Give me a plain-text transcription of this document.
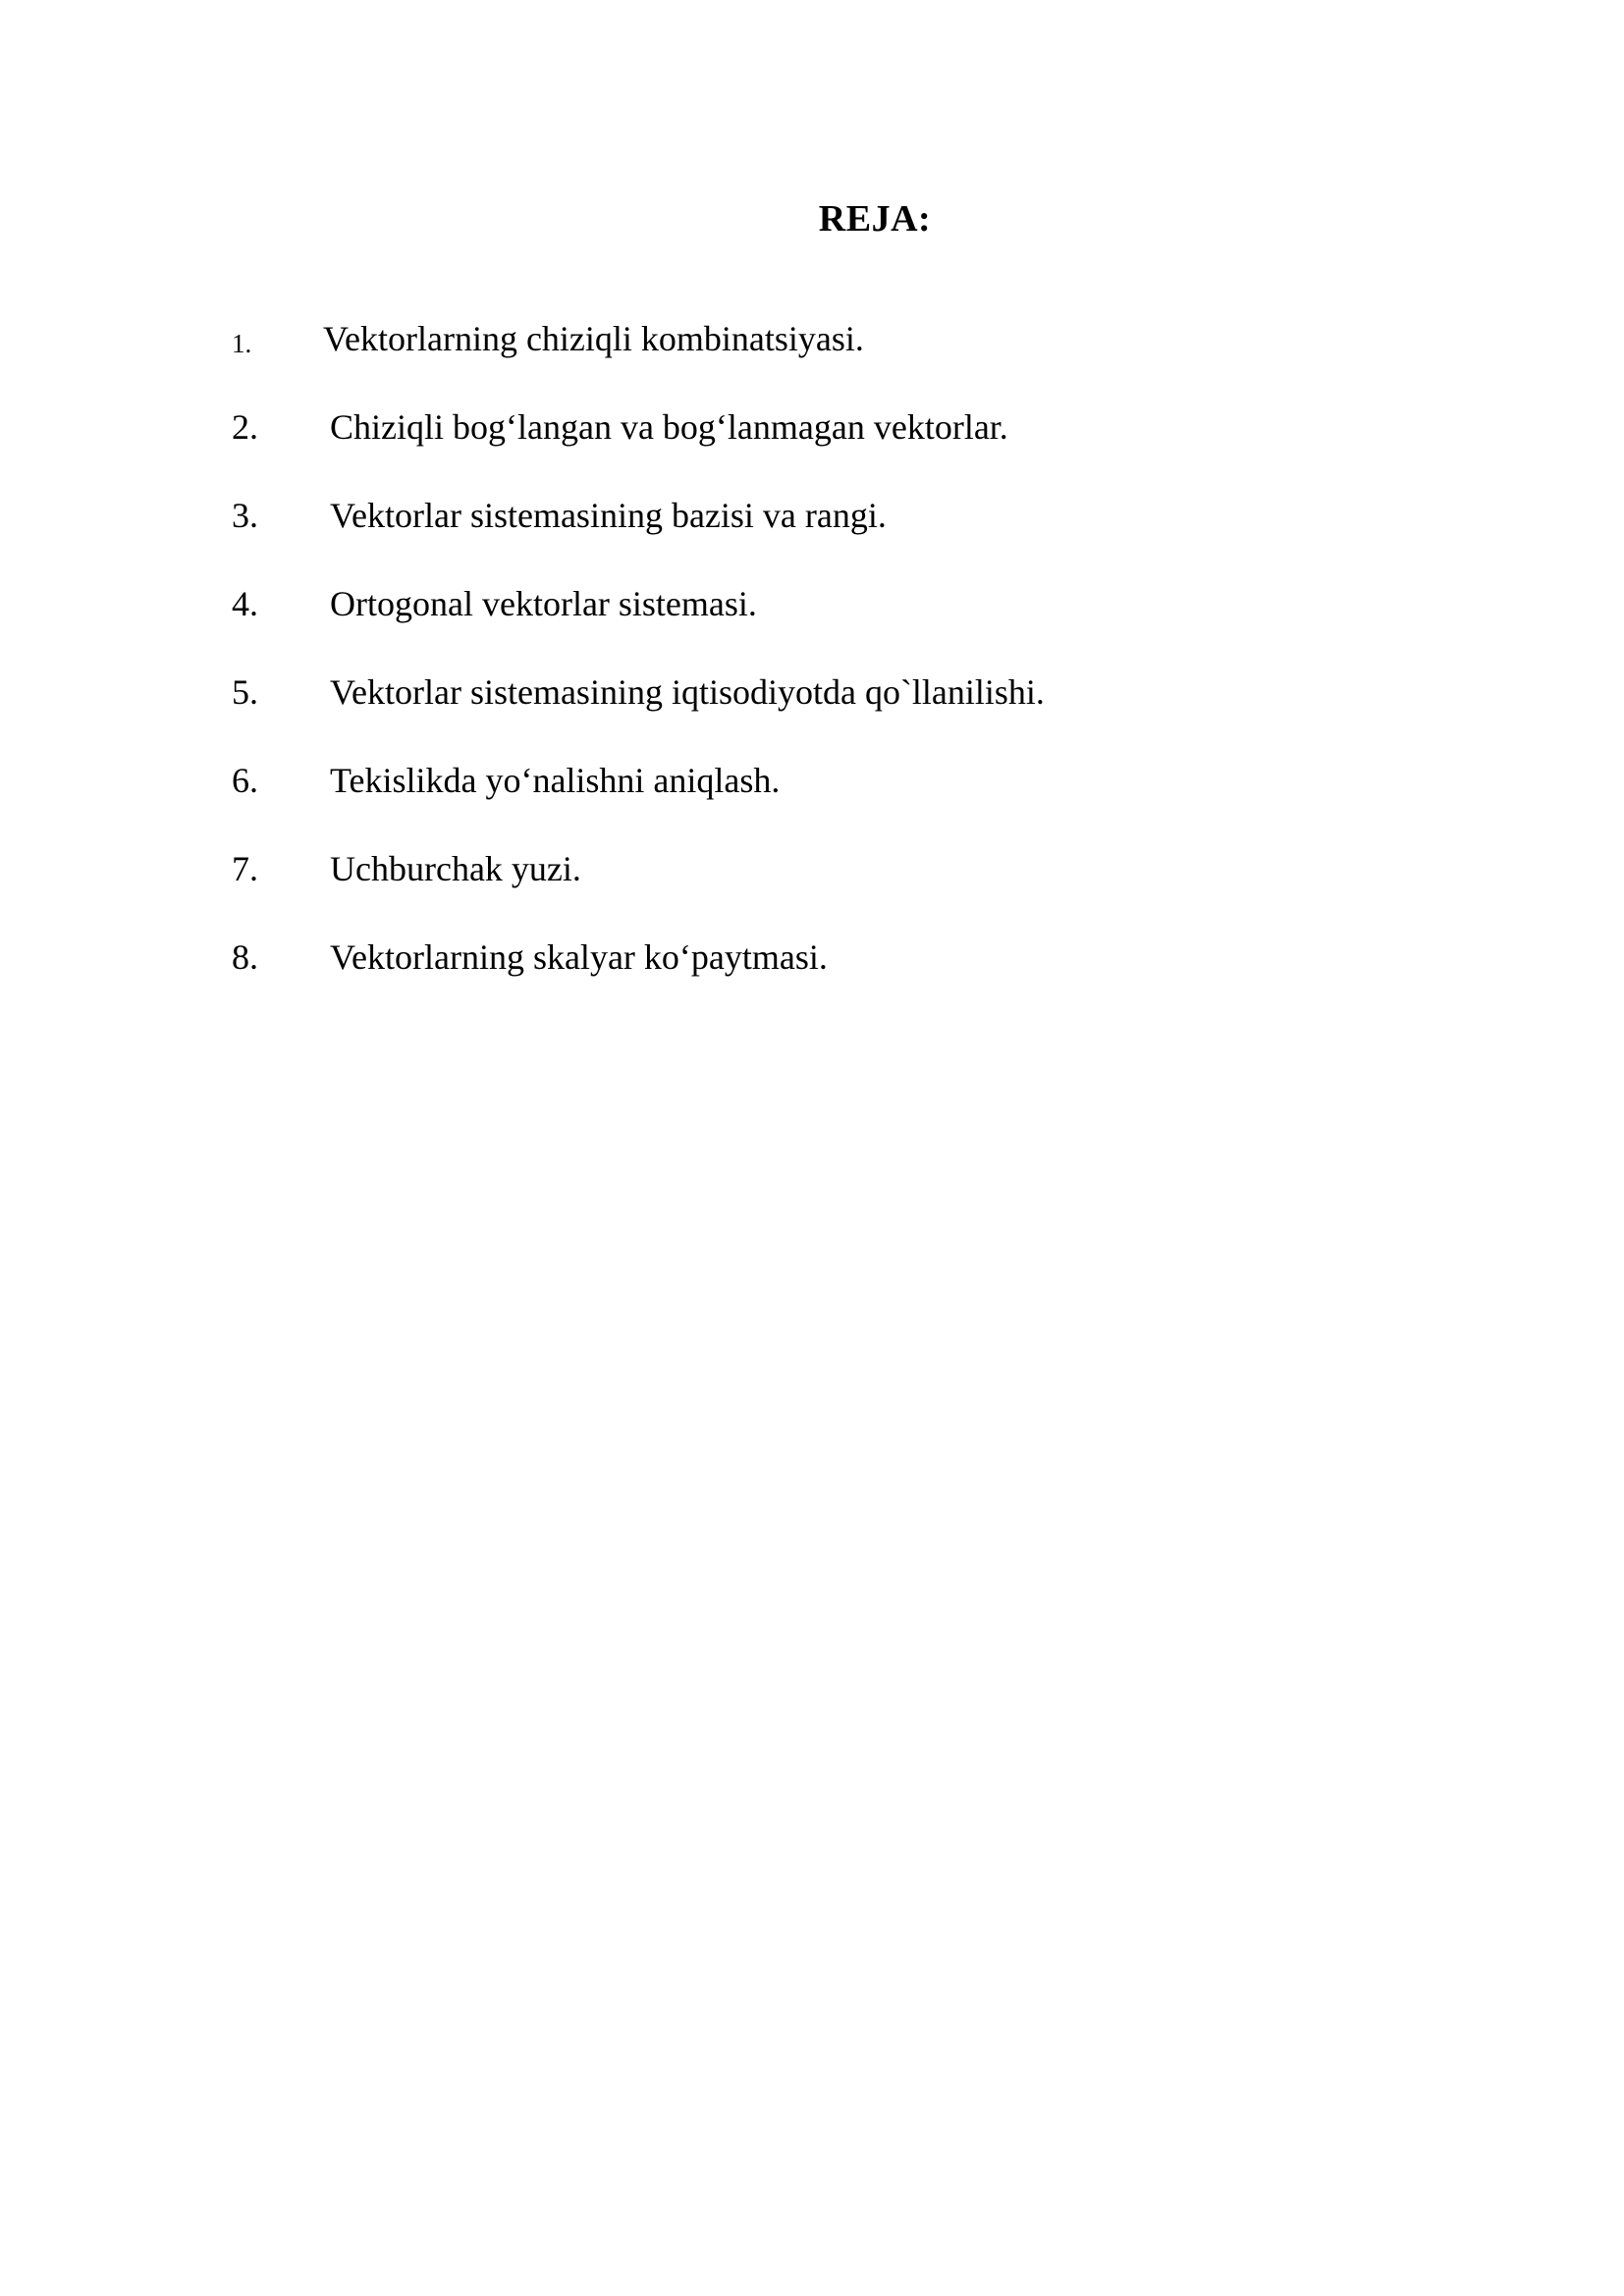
REJA:
1. Vektorlarning chiziqli kombinatsiyasi.
2. Chiziqli bog‘langan va bog‘lanmagan vektorlar.
3. Vektorlar sistemasining bazisi va rangi.
4. Ortogonal vektorlar sistemasi.
5. Vektorlar sistemasining iqtisodiyotda qo`llanilishi.
6. Tekislikda yo‘nalishni aniqlash.
7. Uchburchak yuzi.
8. Vektorlarning skalyar ko‘paytmasi.
